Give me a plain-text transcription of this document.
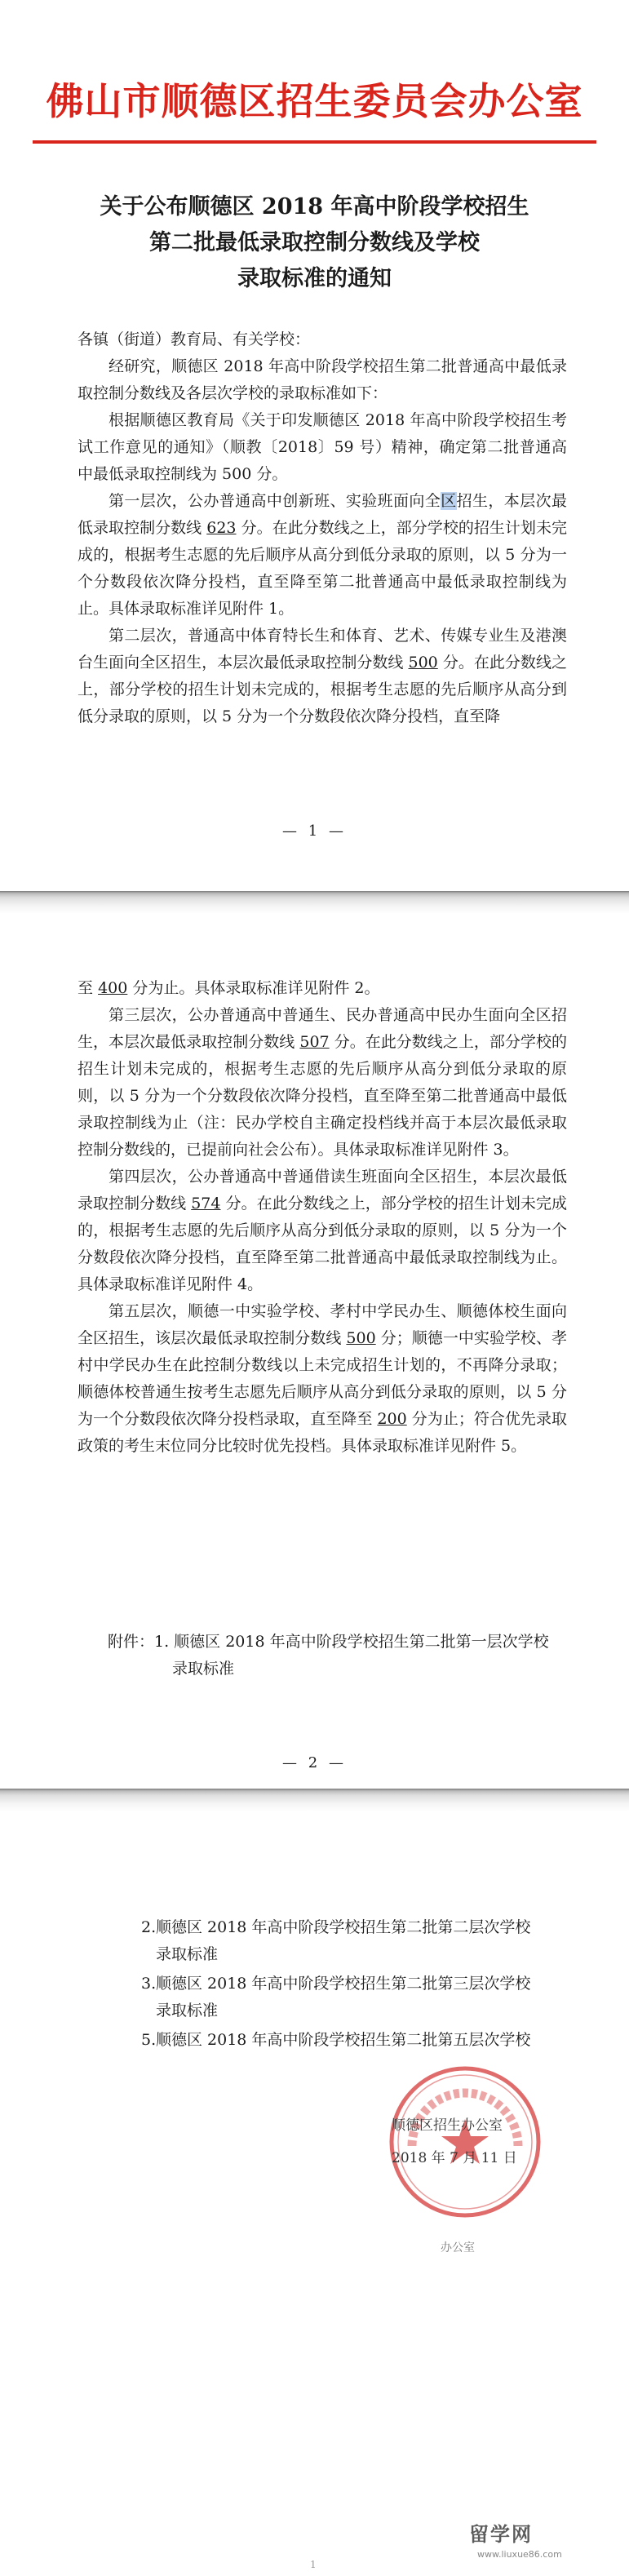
佛山市顺德区招生委员会办公室
关于公布顺德区 2018 年高中阶段学校招生
第二批最低录取控制分数线及学校
录取标准的通知

各镇（街道）教育局、有关学校：

经研究，顺德区 2018 年高中阶段学校招生第二批普通高中最低录取控制分数线及各层次学校的录取标准如下：

根据顺德区教育局《关于印发顺德区 2018 年高中阶段学校招生考试工作意见的通知》（顺教〔2018〕59 号）精神，确定第二批普通高中最低录取控制线为 500 分。

第一层次，公办普通高中创新班、实验班面向全区招生，本层次最低录取控制分数线 623 分。在此分数线之上，部分学校的招生计划未完成的，根据考生志愿的先后顺序从高分到低分录取的原则，以 5 分为一个分数段依次降分投档，直至降至第二批普通高中最低录取控制线为止。具体录取标准详见附件 1。

第二层次，普通高中体育特长生和体育、艺术、传媒专业生及港澳台生面向全区招生，本层次最低录取控制分数线 500 分。在此分数线之上，部分学校的招生计划未完成的，根据考生志愿的先后顺序从高分到低分录取的原则，以 5 分为一个分数段依次降分投档，直至降

— 1 —

至 400 分为止。具体录取标准详见附件 2。

第三层次，公办普通高中普通生、民办普通高中民办生面向全区招生，本层次最低录取控制分数线 507 分。在此分数线之上，部分学校的招生计划未完成的，根据考生志愿的先后顺序从高分到低分录取的原则，以 5 分为一个分数段依次降分投档，直至降至第二批普通高中最低录取控制线为止（注：民办学校自主确定投档线并高于本层次最低录取控制分数线的，已提前向社会公布）。具体录取标准详见附件 3。

第四层次，公办普通高中普通借读生班面向全区招生，本层次最低录取控制分数线 574 分。在此分数线之上，部分学校的招生计划未完成的，根据考生志愿的先后顺序从高分到低分录取的原则，以 5 分为一个分数段依次降分投档，直至降至第二批普通高中最低录取控制线为止。具体录取标准详见附件 4。

第五层次，顺德一中实验学校、孝村中学民办生、顺德体校生面向全区招生，该层次最低录取控制分数线 500 分；顺德一中实验学校、孝村中学民办生在此控制分数线以上未完成招生计划的，不再降分录取；顺德体校普通生按考生志愿先后顺序从高分到低分录取的原则，以 5 分为一个分数段依次降分投档录取，直至降至 200 分为止；符合优先录取政策的考生末位同分比较时优先投档。具体录取标准详见附件 5。

附件： 1. 顺德区 2018 年高中阶段学校招生第二批第一层次学校

录取标准

— 2 —

2.顺德区 2018 年高中阶段学校招生第二批第二层次学校

录取标准

3.顺德区 2018 年高中阶段学校招生第二批第三层次学校

录取标准

5.顺德区 2018 年高中阶段学校招生第二批第五层次学校

顺德区招生办公室
2018 年 7 月 11 日
办公室
留学网
www.liuxue86.com
1
